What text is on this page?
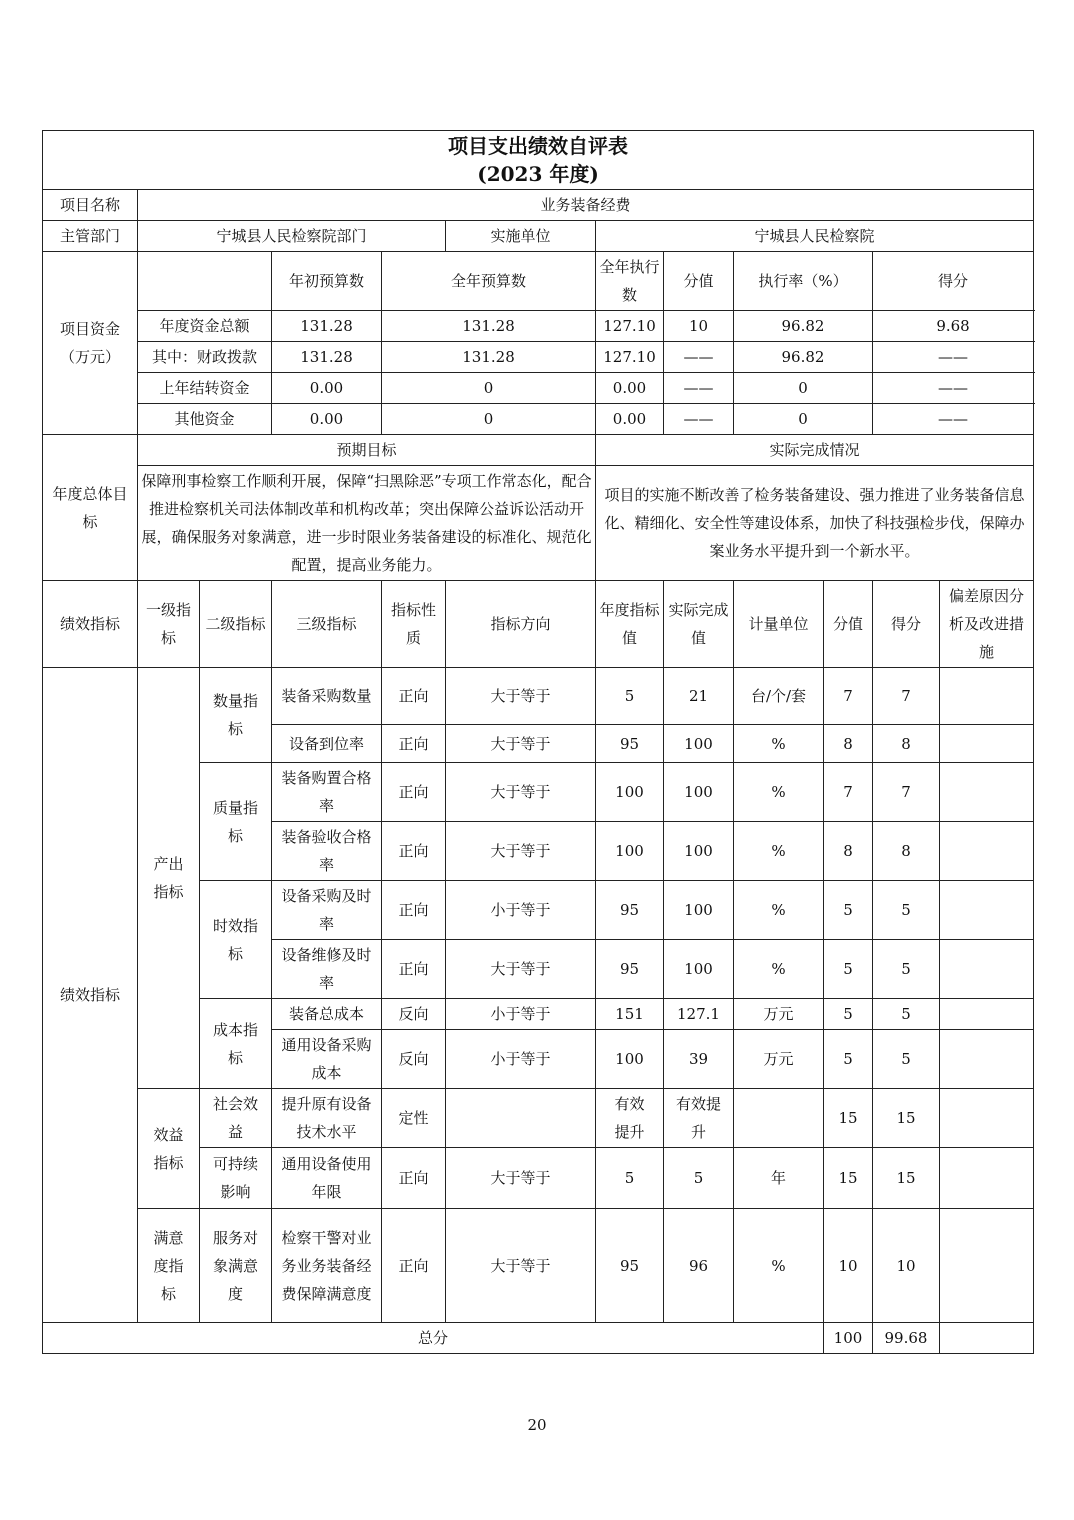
项目支出绩效自评表
(2023 年度)											

项目名称	业务装备经费										
主管部门	宁城县人民检察院部门				实施单位	宁城县人民检察院					
项目资金（万元）			年初预算数	全年预算数		全年执行数	分值	执行率（%）		得分	
	年度资金总额		131.28	131.28		127.10	10	96.82		9.68	
	其中：财政拨款		131.28	131.28		127.10	——	96.82		——	
	上年结转资金		0.00	0		0.00	——	0		——	
	其他资金		0.00	0		0.00	——	0		——	
年度总体目标	预期目标					实际完成情况					
	保障刑事检察工作顺利开展，保障“扫黑除恶”专项工作常态化，配合推进检察机关司法体制改革和机构改革；突出保障公益诉讼活动开展，确保服务对象满意，进一步时限业务装备建设的标准化、规范化配置，提高业务能力。					项目的实施不断改善了检务装备建设、强力推进了业务装备信息化、精细化、安全性等建设体系，加快了科技强检步伐，保障办案业务水平提升到一个新水平。					
绩效指标	一级指标	二级指标	三级指标	指标性质	指标方向	年度指标值	实际完成值	计量单位	分值	得分	偏差原因分析及改进措施
绩效指标	产出指标	数量指标	装备采购数量	正向	大于等于	5	21	台/个/套	7	7	
			设备到位率	正向	大于等于	95	100	%	8	8	
		质量指标	装备购置合格率	正向	大于等于	100	100	%	7	7	
			装备验收合格率	正向	大于等于	100	100	%	8	8	
		时效指标	设备采购及时率	正向	小于等于	95	100	%	5	5	
			设备维修及时率	正向	大于等于	95	100	%	5	5	
		成本指标	装备总成本	反向	小于等于	151	127.1	万元	5	5	
			通用设备采购成本	反向	小于等于	100	39	万元	5	5	
	效益指标	社会效益	提升原有设备技术水平	定性		有效提升	有效提升		15	15	
		可持续影响	通用设备使用年限	正向	大于等于	5	5	年	15	15	
	满意度指标	服务对象满意度	检察干警对业务业务装备经费保障满意度	正向	大于等于	95	96	%	10	10	
总分									100	99.68	
20
